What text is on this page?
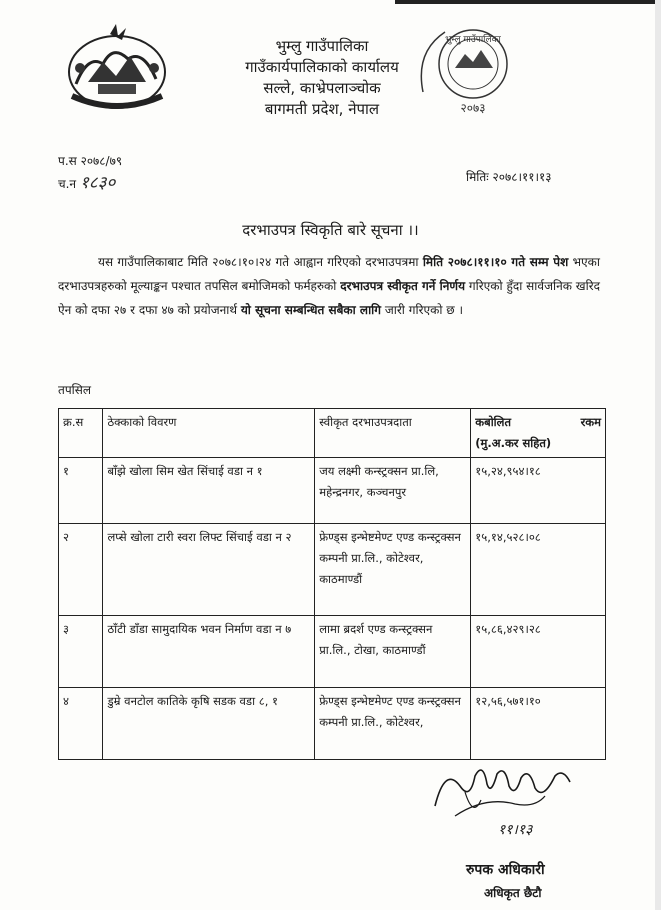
भुम्लु गाउँपालिका
गाउँकार्यपालिकाको कार्यालय
सल्ले, काभ्रेपलाञ्चोक
बागमती प्रदेश, नेपाल
भुम्लु गाउँपालिका
२०७३
प.स २०७८/७९
च.न १८३०	मितिः २०७८।११।१३
दरभाउपत्र स्विकृति बारे सूचना ।।
यस गाउँपालिकाबाट मिति २०७८।१०।२४ गते आह्वान गरिएको दरभाउपत्रमा मिति २०७८।११।१० गते सम्म पेश भएका दरभाउपत्रहरुको मूल्याङ्कन पश्चात तपसिल बमोजिमको फर्महरुको दरभाउपत्र स्वीकृत गर्ने निर्णय गरिएको हुँदा सार्वजनिक खरिद ऐन को दफा २७ र दफा ४७ को प्रयोजनार्थ यो सूचना सम्बन्धित सबैका लागि जारी गरिएको छ ।
तपसिल
क्र.स	ठेक्काको विवरण	स्वीकृत दरभाउपत्रदाता	कबोलित रकम
(मु.अ.कर सहित)

१	बाँझे खोला सिम खेत सिंचाई वडा न १	जय लक्ष्मी कन्स्ट्रक्सन प्रा.लि, महेन्द्रनगर, कञ्चनपुर	१५,२४,९५४।१८
२	लप्से खोला टारी स्वरा लिफ्ट सिंचाई वडा न २	फ्रेण्ड्स इन्भेष्टमेण्ट एण्ड कन्स्ट्रक्सन कम्पनी प्रा.लि., कोटेश्वर, काठमाण्डौं	१५,१४,५२८।०८
३	ठाँटी डाँडा सामुदायिक भवन निर्माण वडा न ७	लामा ब्रदर्श एण्ड कन्स्ट्रक्सन प्रा.लि., टोखा, काठमाण्डौं	१५,८६,४२९।२८
४	डुम्रे वनटोल कातिके कृषि सडक वडा ८, १	फ्रेण्ड्स इन्भेष्टमेण्ट एण्ड कन्स्ट्रक्सन कम्पनी प्रा.लि., कोटेश्वर,	१२,५६,५७१।१०
११।१३
रुपक अधिकारी
अधिकृत छैटौ
